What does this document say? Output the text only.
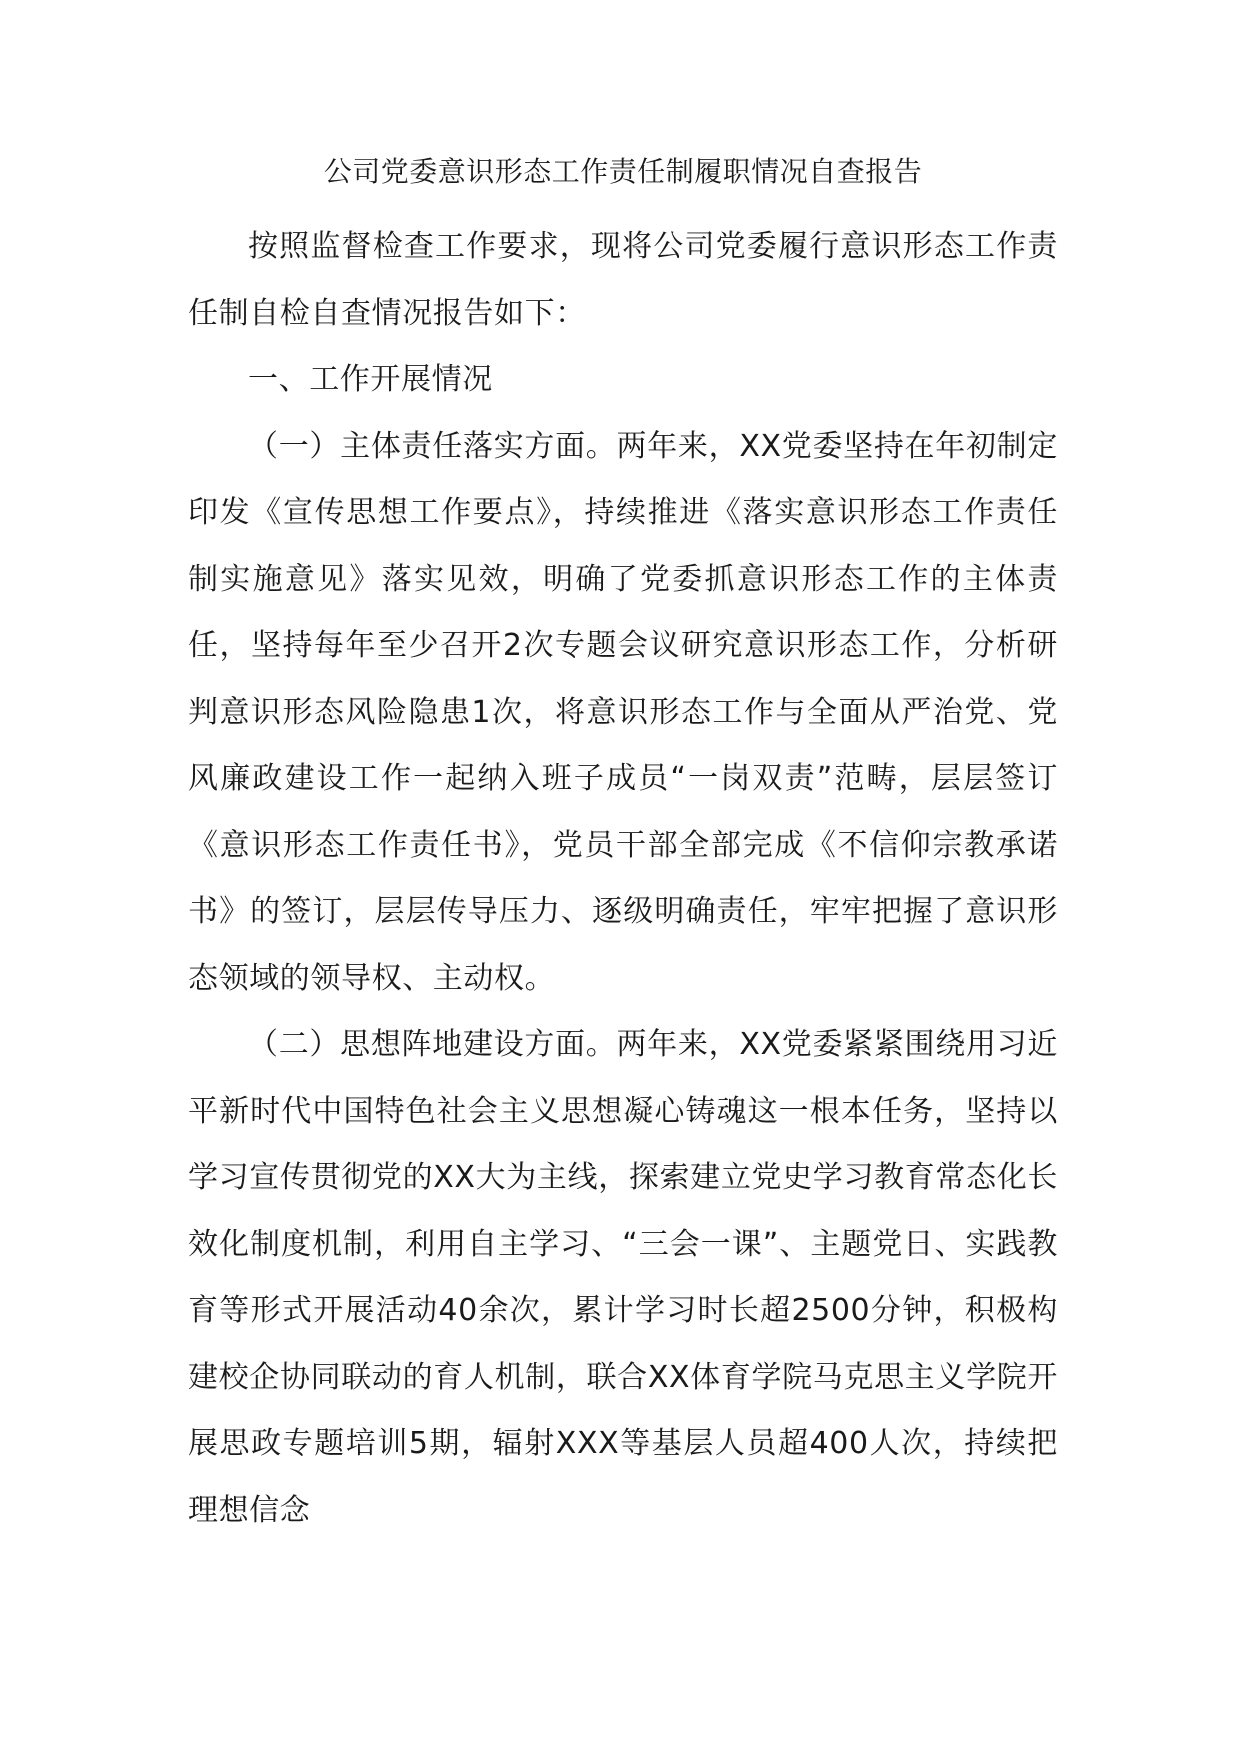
公司党委意识形态工作责任制履职情况自查报告

按照监督检查工作要求，现将公司党委履行意识形态工作责任制自检自查情况报告如下：

一、工作开展情况

（一）主体责任落实方面。两年来，XX党委坚持在年初制定印发《宣传思想工作要点》，持续推进《落实意识形态工作责任制实施意见》落实见效，明确了党委抓意识形态工作的主体责任，坚持每年至少召开2次专题会议研究意识形态工作，分析研判意识形态风险隐患1次，将意识形态工作与全面从严治党、党风廉政建设工作一起纳入班子成员“一岗双责”范畴，层层签订《意识形态工作责任书》，党员干部全部完成《不信仰宗教承诺书》的签订，层层传导压力、逐级明确责任，牢牢把握了意识形态领域的领导权、主动权。

（二）思想阵地建设方面。两年来，XX党委紧紧围绕用习近平新时代中国特色社会主义思想凝心铸魂这一根本任务，坚持以学习宣传贯彻党的XX大为主线，探索建立党史学习教育常态化长效化制度机制，利用自主学习、“三会一课”、主题党日、实践教育等形式开展活动40余次，累计学习时长超2500分钟，积极构建校企协同联动的育人机制，联合XX体育学院马克思主义学院开展思政专题培训5期，辐射XXX等基层人员超400人次，持续把理想信念
